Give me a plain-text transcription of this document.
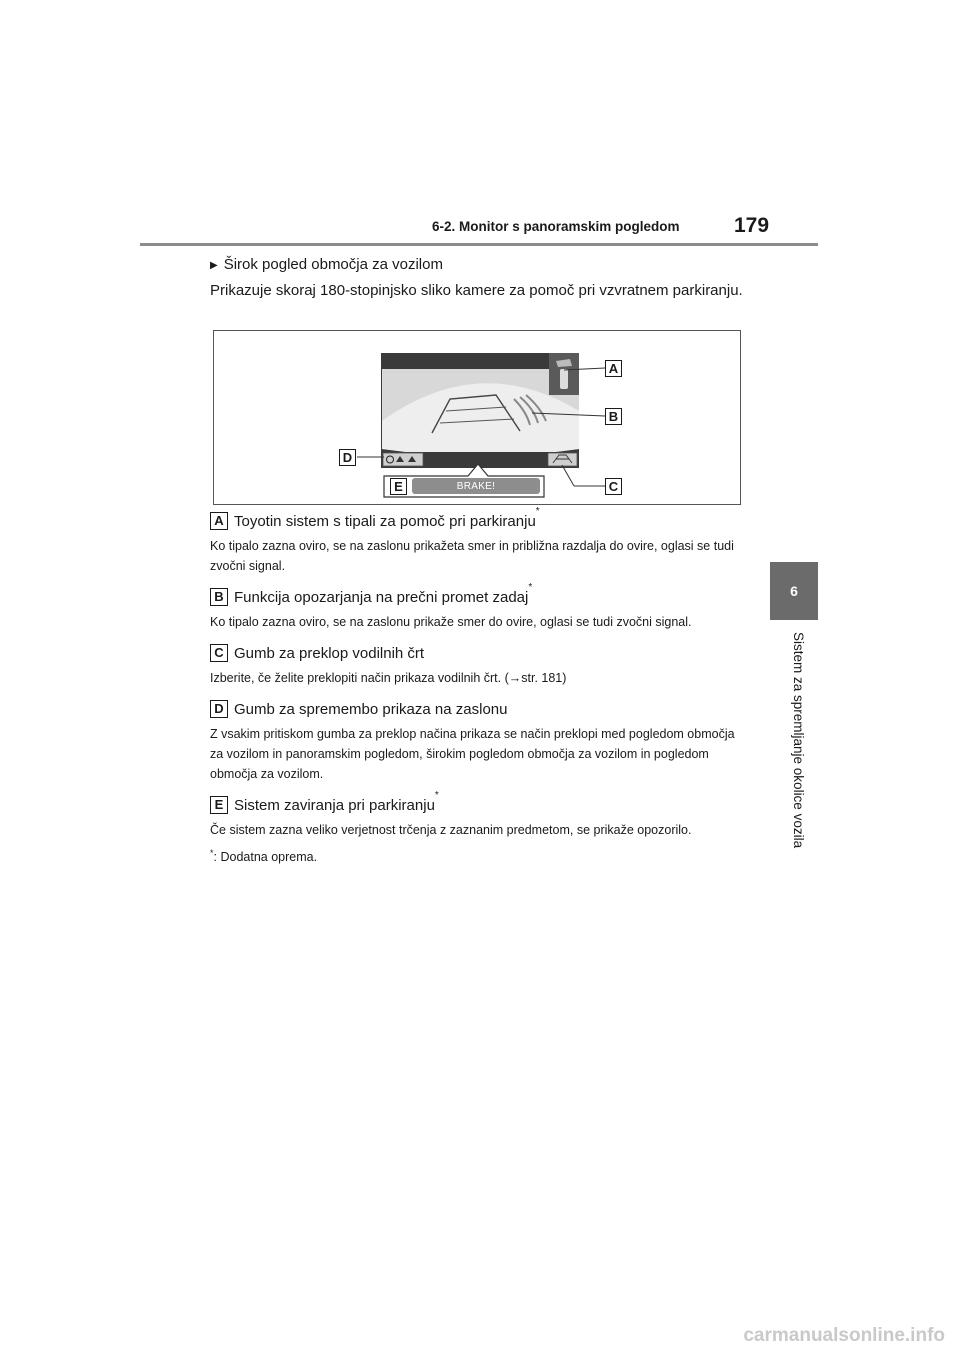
6-2. Monitor s panoramskim pogledom	179
6
Sistem za spremljanje okolice vozila

▶ Širok pogled območja za vozilom

Prikazuje skoraj 180-stopinjsko sliko kamere za pomoč pri vzvratnem parkiranju.

A
B
C
D
E	BRAKE!
A Toyotin sistem s tipali za pomoč pri parkiranju
*
Ko tipalo zazna oviro, se na zaslonu prikažeta smer in približna razdalja do ovire, oglasi se tudi zvočni signal.
B Funkcija opozarjanja na prečni promet zadaj
*
Ko tipalo zazna oviro, se na zaslonu prikaže smer do ovire, oglasi se tudi zvočni signal.
C Gumb za preklop vodilnih črt
Izberite, če želite preklopiti način prikaza vodilnih črt. (→str. 181)
D Gumb za spremembo prikaza na zaslonu
Z vsakim pritiskom gumba za preklop načina prikaza se način preklopi med pogledom območja za vozilom in panoramskim pogledom, širokim pogledom območja za vozilom in pogledom območja za vozilom.
E Sistem zaviranja pri parkiranju
*
Če sistem zazna veliko verjetnost trčenja z zaznanim predmetom, se prikaže opozorilo.
*: Dodatna oprema.
carmanualsonline.info
